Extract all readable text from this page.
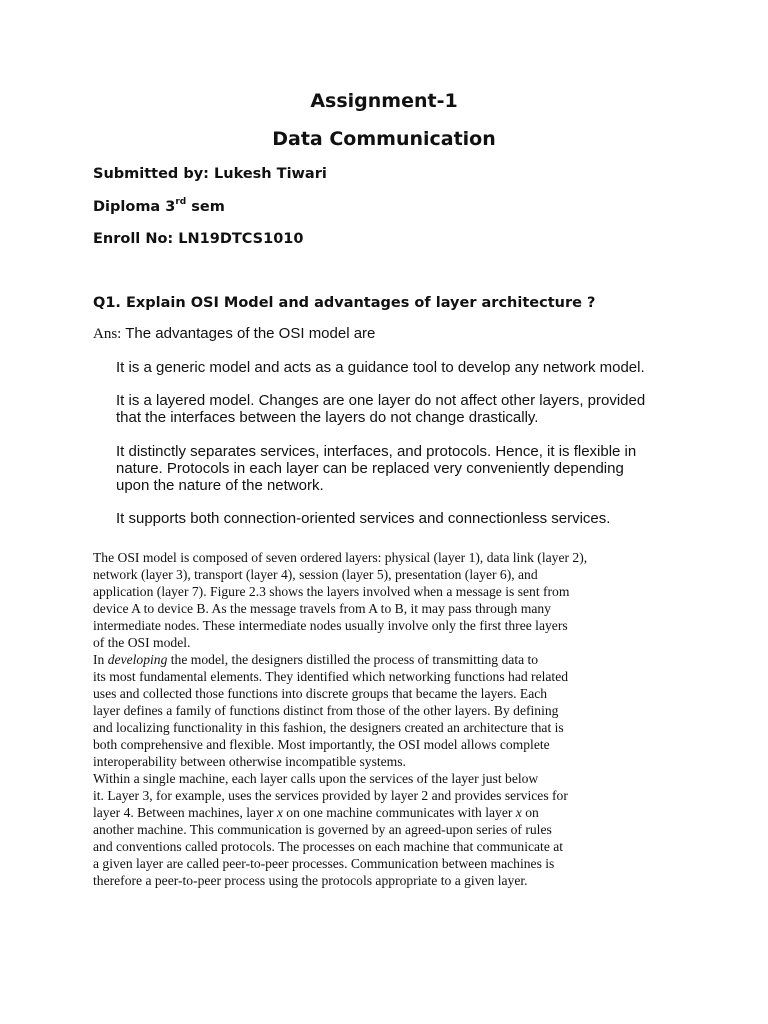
Assignment-1
Data Communication
Submitted by: Lukesh Tiwari
Diploma 3rd sem
Enroll No: LN19DTCS1010
Q1. Explain OSI Model and advantages of layer architecture ?
Ans: The advantages of the OSI model are
It is a generic model and acts as a guidance tool to develop any network model.
It is a layered model. Changes are one layer do not affect other layers, provided
that the interfaces between the layers do not change drastically.
It distinctly separates services, interfaces, and protocols. Hence, it is flexible in
nature. Protocols in each layer can be replaced very conveniently depending
upon the nature of the network.
It supports both connection-oriented services and connectionless services.
The OSI model is composed of seven ordered layers: physical (layer 1), data link (layer 2),
network (layer 3), transport (layer 4), session (layer 5), presentation (layer 6), and
application (layer 7). Figure 2.3 shows the layers involved when a message is sent from
device A to device B. As the message travels from A to B, it may pass through many
intermediate nodes. These intermediate nodes usually involve only the first three layers
of the OSI model.
In developing the model, the designers distilled the process of transmitting data to
its most fundamental elements. They identified which networking functions had related
uses and collected those functions into discrete groups that became the layers. Each
layer defines a family of functions distinct from those of the other layers. By defining
and localizing functionality in this fashion, the designers created an architecture that is
both comprehensive and flexible. Most importantly, the OSI model allows complete
interoperability between otherwise incompatible systems.
Within a single machine, each layer calls upon the services of the layer just below
it. Layer 3, for example, uses the services provided by layer 2 and provides services for
layer 4. Between machines, layer x on one machine communicates with layer x on
another machine. This communication is governed by an agreed-upon series of rules
and conventions called protocols. The processes on each machine that communicate at
a given layer are called peer-to-peer processes. Communication between machines is
therefore a peer-to-peer process using the protocols appropriate to a given layer.
